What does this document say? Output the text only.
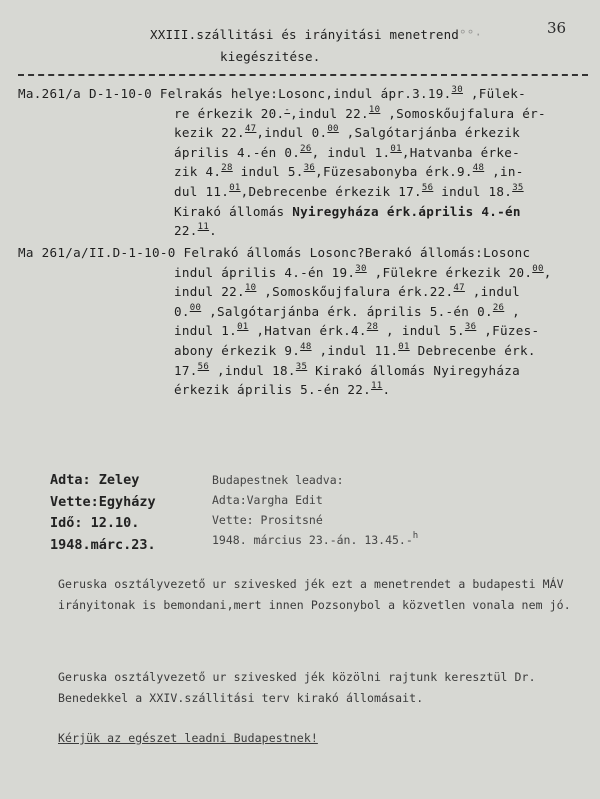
XXIII.szállitási és irányitási menetrend°°·
kiegészitése.
36
Ma.261/a D-1-10-0 Felrakás helye:Losonc,indul ápr.3.19.30 ,Fülek-
re érkezik 20.-,indul 22.10 ,Somoskőujfalura ér-
kezik 22.47,indul 0.00 ,Salgótarjánba érkezik
április 4.-én 0.26, indul 1.01,Hatvanba érke-
zik 4.28 indul 5.36,Füzesabonyba érk.9.48 ,in-
dul 11.01,Debrecenbe érkezik 17.56 indul 18.35
Kirakó állomás Nyiregyháza érk.április 4.-én
22.11.
Ma 261/a/II.D-1-10-0 Felrakó állomás Losonc?Berakó állomás:Losonc
indul április 4.-én 19.30 ,Fülekre érkezik 20.00,
indul 22.10 ,Somoskőujfalura érk.22.47 ,indul
0.00 ,Salgótarjánba érk. április 5.-én 0.26 ,
indul 1.01 ,Hatvan érk.4.28 , indul 5.36 ,Füzes-
abony érkezik 9.48 ,indul 11.01 Debrecenbe érk.
17.56 ,indul 18.35 Kirakó állomás Nyiregyháza
érkezik április 5.-én 22.11.
Adta: Zeley
Vette:Egyházy
Idő: 12.10.
1948.márc.23.
Budapestnek leadva:
Adta:Vargha Edit
Vette: Prositsné
1948. március 23.-án. 13.45.-$^h$
Geruska osztályvezető ur szivesked jék ezt a menetrendet a budapesti MÁV irányitonak is bemondani,mert innen Pozsonybol a közvetlen vonala nem jó.
Geruska osztályvezető ur szivesked jék közölni rajtunk keresztül Dr. Benedekkel a XXIV.szállitási terv kirakó állomásait.
Kérjük az egészet leadni Budapestnek!
